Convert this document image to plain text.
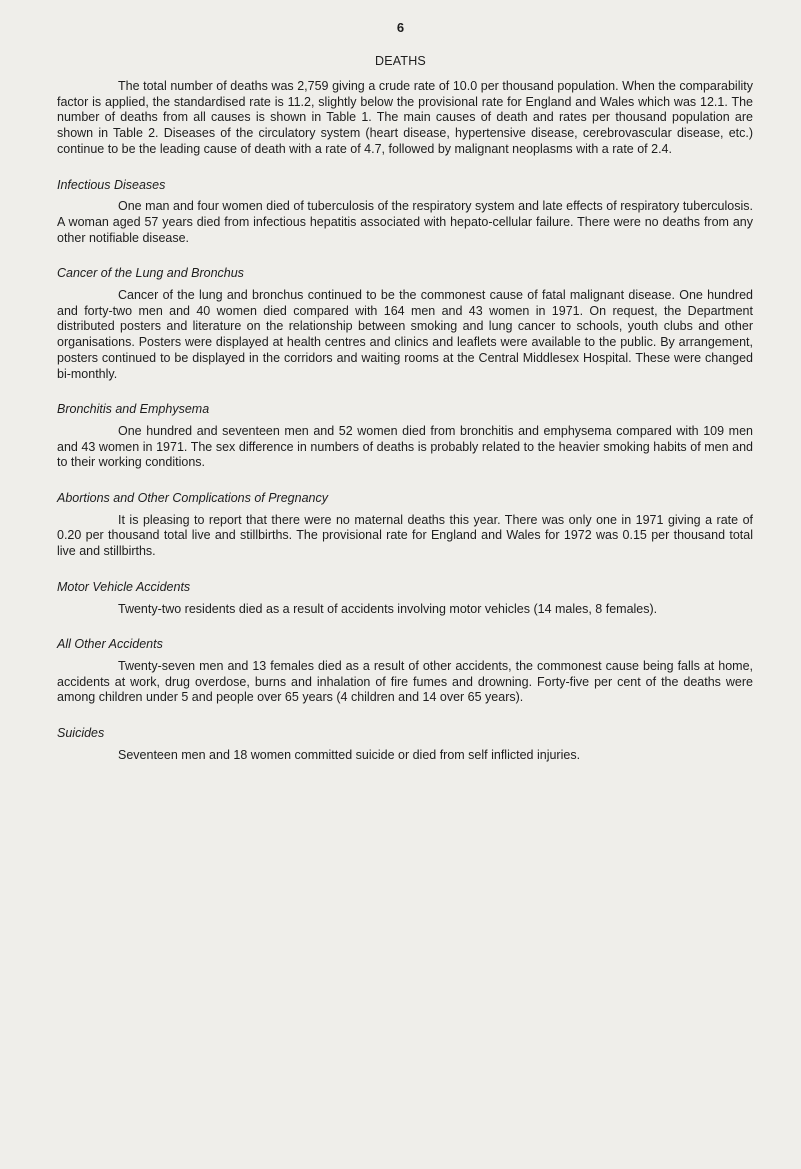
6
DEATHS

The total number of deaths was 2,759 giving a crude rate of 10.0 per thousand population. When the comparability factor is applied, the standardised rate is 11.2, slightly below the provisional rate for England and Wales which was 12.1. The number of deaths from all causes is shown in Table 1. The main causes of death and rates per thousand population are shown in Table 2. Diseases of the circulatory system (heart disease, hypertensive disease, cerebrovascular disease, etc.) continue to be the leading cause of death with a rate of 4.7, followed by malignant neoplasms with a rate of 2.4.

Infectious Diseases

One man and four women died of tuberculosis of the respiratory system and late effects of respiratory tuberculosis. A woman aged 57 years died from infectious hepatitis associated with hepato-cellular failure. There were no deaths from any other notifiable disease.

Cancer of the Lung and Bronchus

Cancer of the lung and bronchus continued to be the commonest cause of fatal malignant disease. One hundred and forty-two men and 40 women died compared with 164 men and 43 women in 1971. On request, the Department distributed posters and literature on the relationship between smoking and lung cancer to schools, youth clubs and other organisations. Posters were displayed at health centres and clinics and leaflets were available to the public. By arrangement, posters continued to be displayed in the corridors and waiting rooms at the Central Middlesex Hospital. These were changed bi-monthly.

Bronchitis and Emphysema

One hundred and seventeen men and 52 women died from bronchitis and emphysema compared with 109 men and 43 women in 1971. The sex difference in numbers of deaths is probably related to the heavier smoking habits of men and to their working conditions.

Abortions and Other Complications of Pregnancy

It is pleasing to report that there were no maternal deaths this year. There was only one in 1971 giving a rate of 0.20 per thousand total live and stillbirths. The provisional rate for England and Wales for 1972 was 0.15 per thousand total live and stillbirths.

Motor Vehicle Accidents

Twenty-two residents died as a result of accidents involving motor vehicles (14 males, 8 females).

All Other Accidents

Twenty-seven men and 13 females died as a result of other accidents, the commonest cause being falls at home, accidents at work, drug overdose, burns and inhalation of fire fumes and drowning. Forty-five per cent of the deaths were among children under 5 and people over 65 years (4 children and 14 over 65 years).

Suicides

Seventeen men and 18 women committed suicide or died from self inflicted injuries.
